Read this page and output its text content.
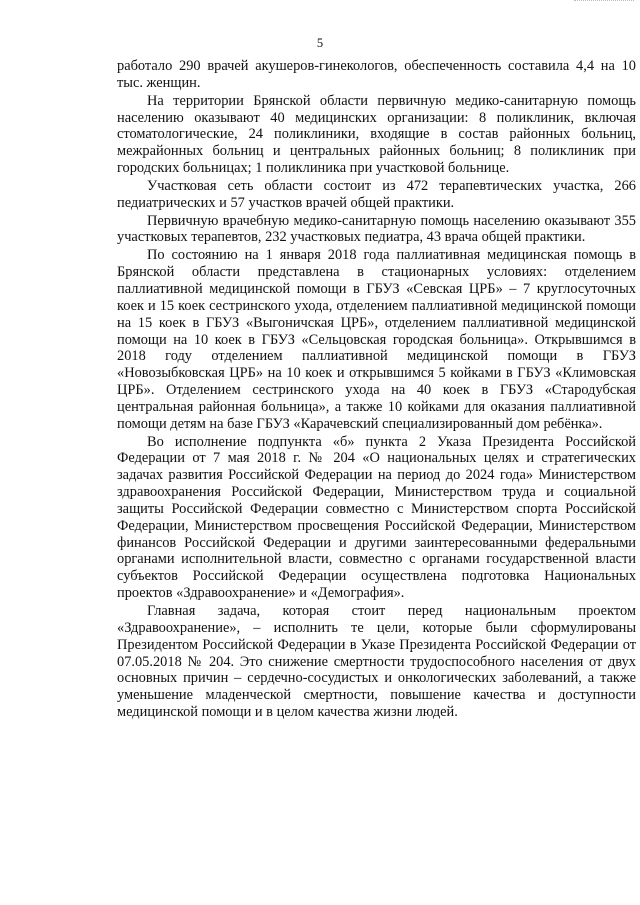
5

работало 290 врачей акушеров-гинекологов, обеспеченность составила 4,4 на 10 тыс. женщин.

На территории Брянской области первичную медико-санитарную помощь населению оказывают 40 медицинских организации: 8 поликлиник, включая стоматологические, 24 поликлиники, входящие в состав районных больниц, межрайонных больниц и центральных районных больниц; 8 поликлиник при городских больницах; 1 поликлиника при участковой больнице.

Участковая сеть области состоит из 472 терапевтических участка, 266 педиатрических и 57 участков врачей общей практики.

Первичную врачебную медико-санитарную помощь населению оказывают 355 участковых терапевтов, 232 участковых педиатра, 43 врача общей практики.

По состоянию на 1 января 2018 года паллиативная медицинская помощь в Брянской области представлена в стационарных условиях: отделением паллиативной медицинской помощи в ГБУЗ «Севская ЦРБ» – 7 круглосуточных коек и 15 коек сестринского ухода, отделением паллиативной медицинской помощи на 15 коек в ГБУЗ «Выгоничская ЦРБ», отделением паллиативной медицинской помощи на 10 коек в ГБУЗ «Сельцовская городская больница». Открывшимся в 2018 году отделением паллиативной медицинской помощи в ГБУЗ «Новозыбковская ЦРБ» на 10 коек и открывшимся 5 койками в ГБУЗ «Климовская ЦРБ». Отделением сестринского ухода на 40 коек в ГБУЗ «Стародубская центральная районная больница», а также 10 койками для оказания паллиативной помощи детям на базе ГБУЗ «Карачевский специализированный дом ребёнка».

Во исполнение подпункта «б» пункта 2 Указа Президента Российской Федерации от 7 мая 2018 г. № 204 «О национальных целях и стратегических задачах развития Российской Федерации на период до 2024 года» Министерством здравоохранения Российской Федерации, Министерством труда и социальной защиты Российской Федерации совместно с Министерством спорта Российской Федерации, Министерством просвещения Российской Федерации, Министерством финансов Российской Федерации и другими заинтересованными федеральными органами исполнительной власти, совместно с органами государственной власти субъектов Российской Федерации осуществлена подготовка Национальных проектов «Здравоохранение» и «Демография».

Главная задача, которая стоит перед национальным проектом «Здравоохранение», – исполнить те цели, которые были сформулированы Президентом Российской Федерации в Указе Президента Российской Федерации от 07.05.2018 № 204. Это снижение смертности трудоспособного населения от двух основных причин – сердечно-сосудистых и онкологических заболеваний, а также уменьшение младенческой смертности, повышение качества и доступности медицинской помощи и в целом качества жизни людей.
